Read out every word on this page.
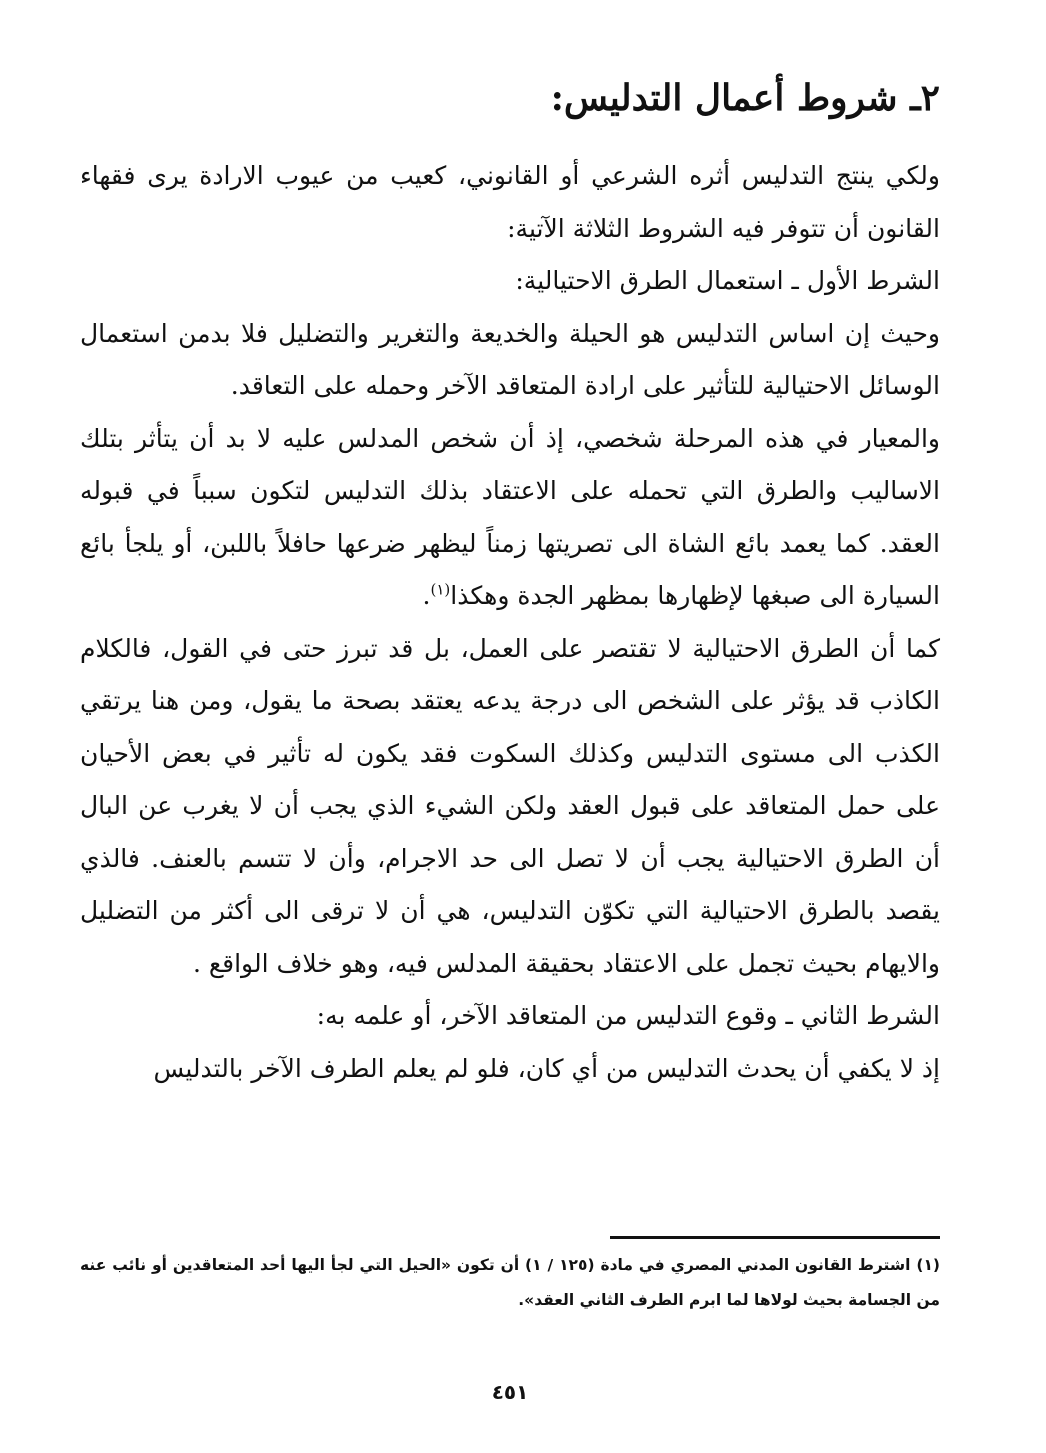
٢ـ شروط أعمال التدليس:

ولكي ينتج التدليس أثره الشرعي أو القانوني، كعيب من عيوب الارادة يرى فقهاء القانون أن تتوفر فيه الشروط الثلاثة الآتية:

الشرط الأول ـ استعمال الطرق الاحتيالية:

وحيث إن اساس التدليس هو الحيلة والخديعة والتغرير والتضليل فلا بدمن استعمال الوسائل الاحتيالية للتأثير على ارادة المتعاقد الآخر وحمله على التعاقد.

والمعيار في هذه المرحلة شخصي، إذ أن شخص المدلس عليه لا بد أن يتأثر بتلك الاساليب والطرق التي تحمله على الاعتقاد بذلك التدليس لتكون سبباً في قبوله العقد. كما يعمد بائع الشاة الى تصريتها زمناً ليظهر ضرعها حافلاً باللبن، أو يلجأ بائع السيارة الى صبغها لإظهارها بمظهر الجدة وهكذا$^{(١)}$.

كما أن الطرق الاحتيالية لا تقتصر على العمل، بل قد تبرز حتى في القول، فالكلام الكاذب قد يؤثر على الشخص الى درجة يدعه يعتقد بصحة ما يقول، ومن هنا يرتقي الكذب الى مستوى التدليس وكذلك السكوت فقد يكون له تأثير في بعض الأحيان على حمل المتعاقد على قبول العقد ولكن الشيء الذي يجب أن لا يغرب عن البال أن الطرق الاحتيالية يجب أن لا تصل الى حد الاجرام، وأن لا تتسم بالعنف. فالذي يقصد بالطرق الاحتيالية التي تكوّن التدليس، هي أن لا ترقى الى أكثر من التضليل والايهام بحيث تجمل على الاعتقاد بحقيقة المدلس فيه، وهو خلاف الواقع .

الشرط الثاني ـ وقوع التدليس من المتعاقد الآخر، أو علمه به:

إذ لا يكفي أن يحدث التدليس من أي كان، فلو لم يعلم الطرف الآخر بالتدليس

(١) اشترط القانون المدني المصري في مادة (١٢٥ / ١) أن تكون «الحيل التي لجأ اليها أحد المتعاقدين أو نائب عنه من الجسامة بحيث لولاها لما ابرم الطرف الثاني العقد».

٤٥١
